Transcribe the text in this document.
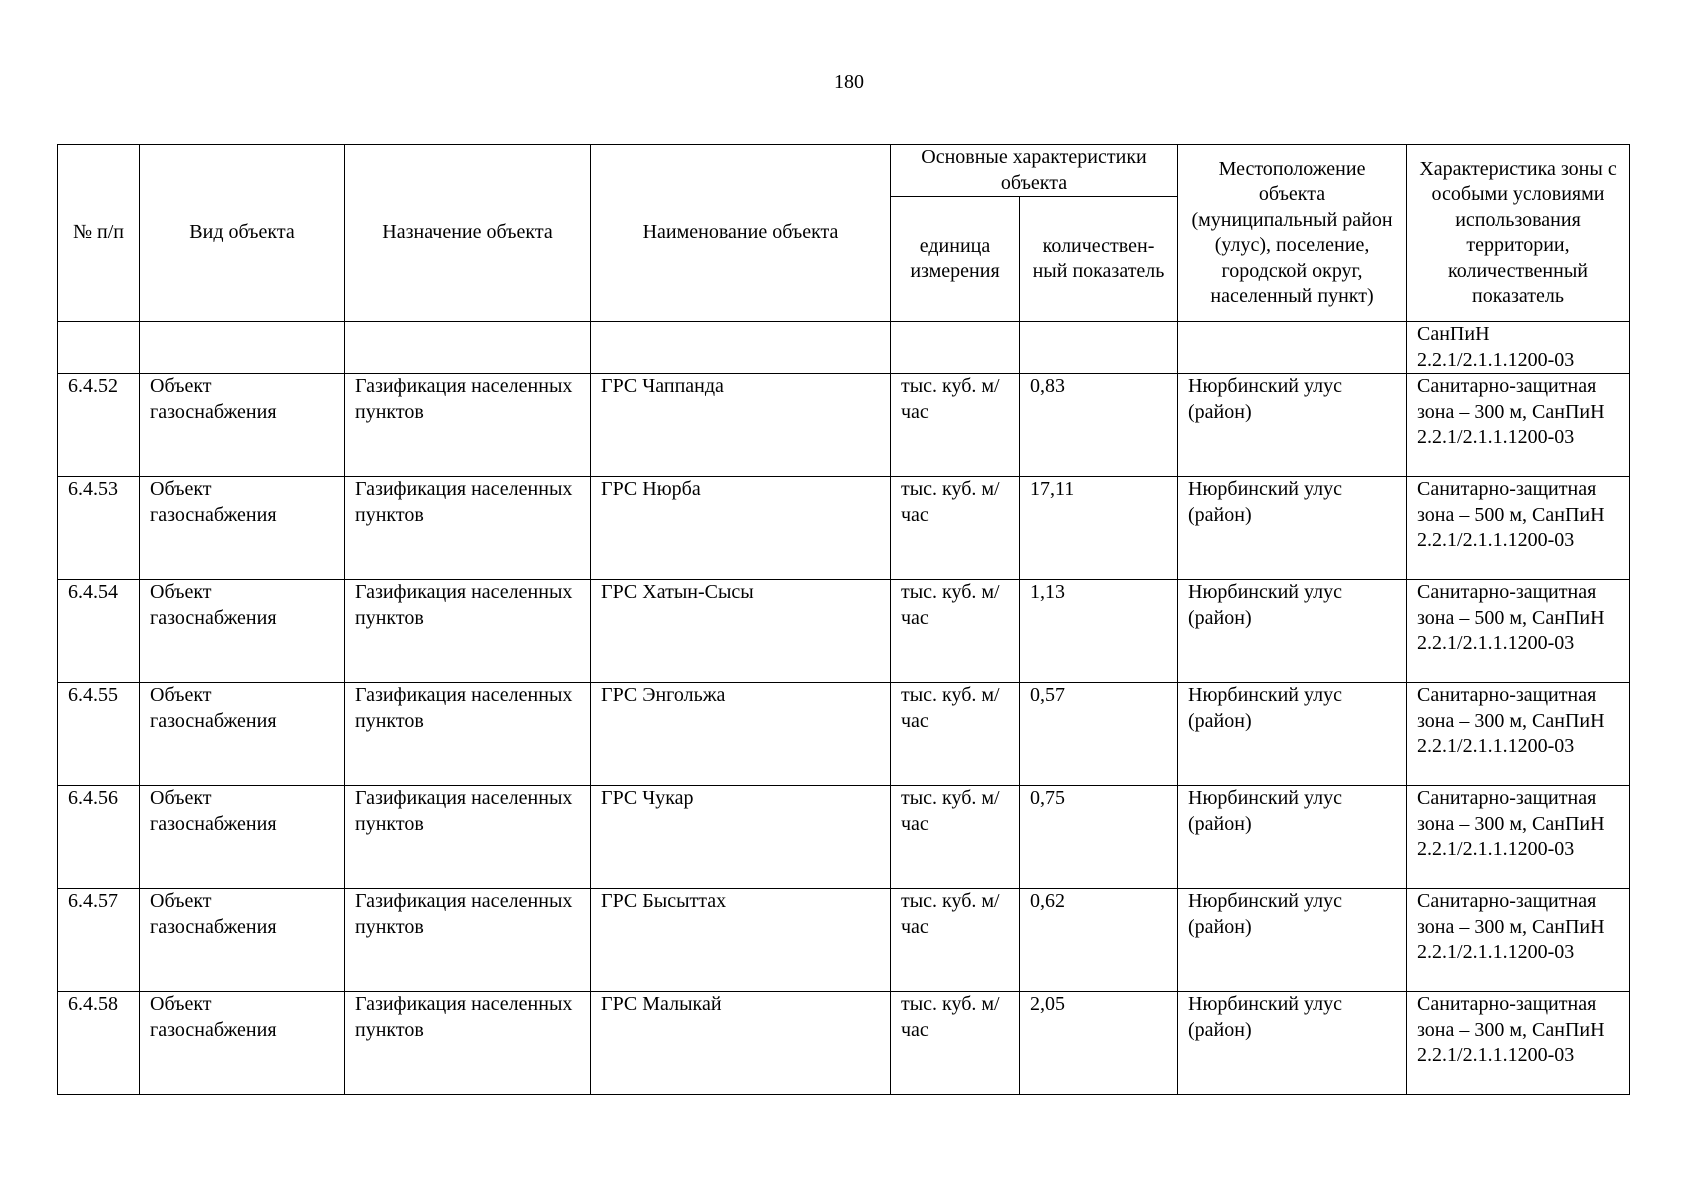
180
№ п/п	Вид объекта	Назначение объекта	Наименование объекта	Основные характеристики объекта		Местоположение объекта (муниципальный район (улус), поселение, городской округ, населенный пункт)	Характеристика зоны с особыми условиями использования территории, количественный показатель
				единица измерения	количествен-ный показатель		
							СанПиН 2.2.1/2.1.1.1200-03
6.4.52	Объект газоснабжения	Газификация населенных пунктов	ГРС Чаппанда	тыс. куб. м/час	0,83	Нюрбинский улус (район)	Санитарно-защитная зона – 300 м, СанПиН 2.2.1/2.1.1.1200-03
6.4.53	Объект газоснабжения	Газификация населенных пунктов	ГРС Нюрба	тыс. куб. м/час	17,11	Нюрбинский улус (район)	Санитарно-защитная зона – 500 м, СанПиН 2.2.1/2.1.1.1200-03
6.4.54	Объект газоснабжения	Газификация населенных пунктов	ГРС Хатын-Сысы	тыс. куб. м/час	1,13	Нюрбинский улус (район)	Санитарно-защитная зона – 500 м, СанПиН 2.2.1/2.1.1.1200-03
6.4.55	Объект газоснабжения	Газификация населенных пунктов	ГРС Энгольжа	тыс. куб. м/час	0,57	Нюрбинский улус (район)	Санитарно-защитная зона – 300 м, СанПиН 2.2.1/2.1.1.1200-03
6.4.56	Объект газоснабжения	Газификация населенных пунктов	ГРС Чукар	тыс. куб. м/час	0,75	Нюрбинский улус (район)	Санитарно-защитная зона – 300 м, СанПиН 2.2.1/2.1.1.1200-03
6.4.57	Объект газоснабжения	Газификация населенных пунктов	ГРС Бысыттах	тыс. куб. м/час	0,62	Нюрбинский улус (район)	Санитарно-защитная зона – 300 м, СанПиН 2.2.1/2.1.1.1200-03
6.4.58	Объект газоснабжения	Газификация населенных пунктов	ГРС Малыкай	тыс. куб. м/час	2,05	Нюрбинский улус (район)	Санитарно-защитная зона – 300 м, СанПиН 2.2.1/2.1.1.1200-03
